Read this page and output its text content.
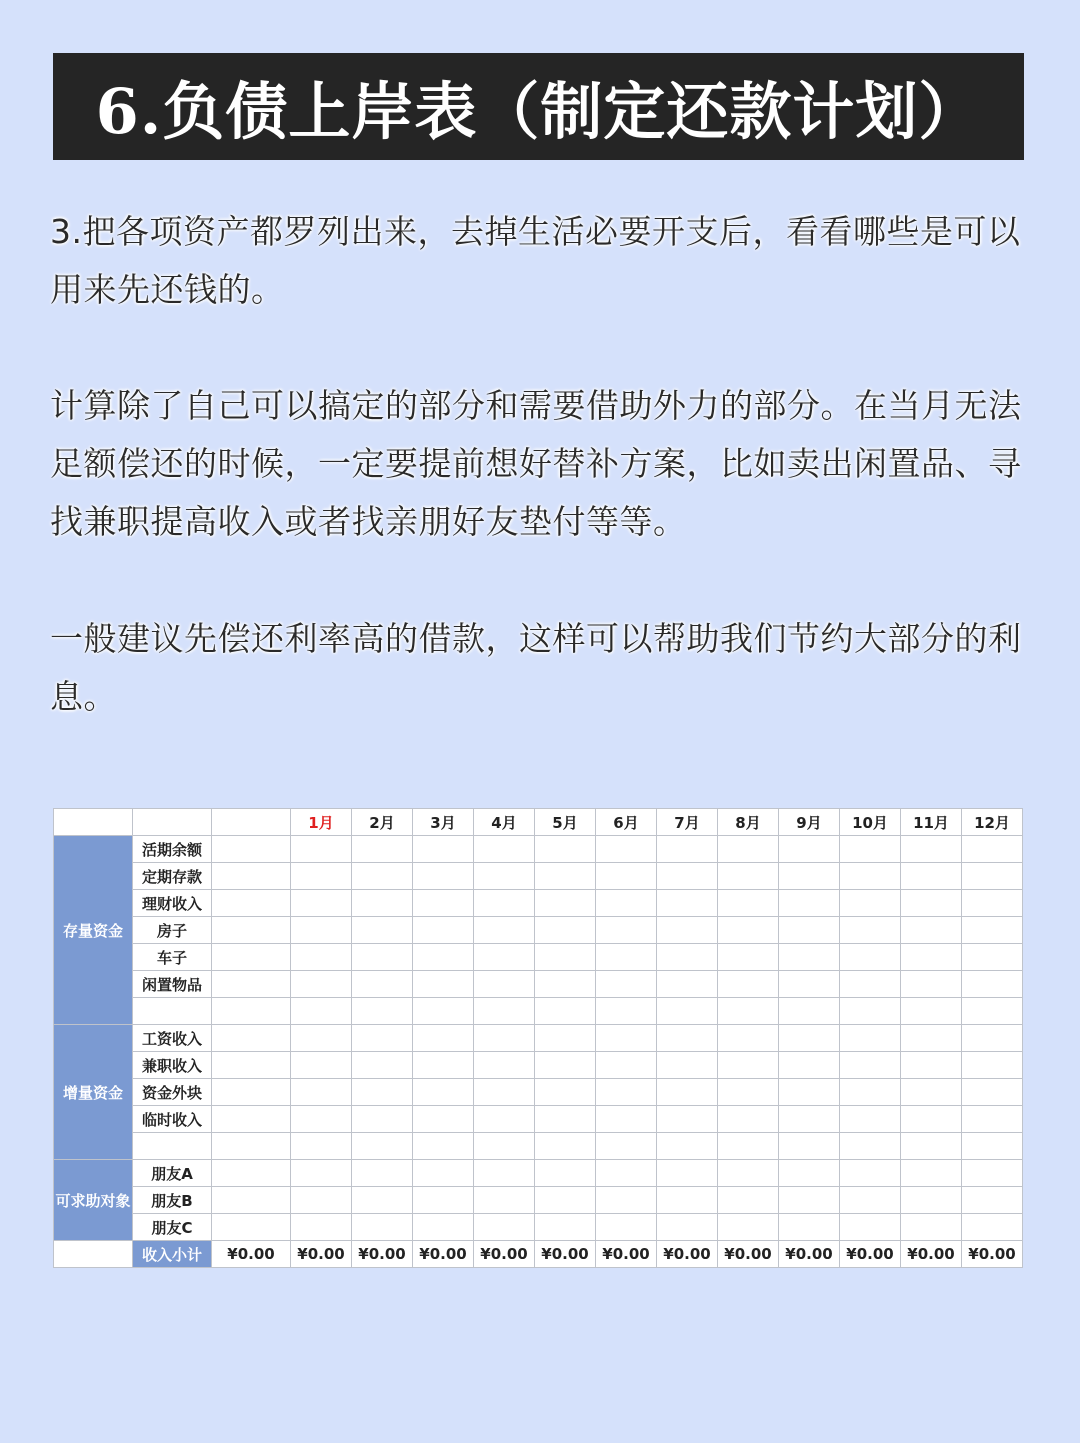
6.负债上岸表（制定还款计划）
3.把各项资产都罗列出来，去掉生活必要开支后，看看哪些是可以用来先还钱的。
计算除了自己可以搞定的部分和需要借助外力的部分。在当月无法足额偿还的时候，一定要提前想好替补方案，比如卖出闲置品、寻找兼职提高收入或者找亲朋好友垫付等等。
一般建议先偿还利率高的借款，这样可以帮助我们节约大部分的利息。
			1月	2月	3月	4月	5月	6月	7月	8月	9月	10月	11月	12月
存量资金	活期余额													
	定期存款													
	理财收入													
	房子													
	车子													
	闲置物品													

增量资金	工资收入													
	兼职收入													
	资金外块													
	临时收入													

可求助对象	朋友A													
	朋友B													
	朋友C													
	收入小计	¥0.00	¥0.00	¥0.00	¥0.00	¥0.00	¥0.00	¥0.00	¥0.00	¥0.00	¥0.00	¥0.00	¥0.00	¥0.00
